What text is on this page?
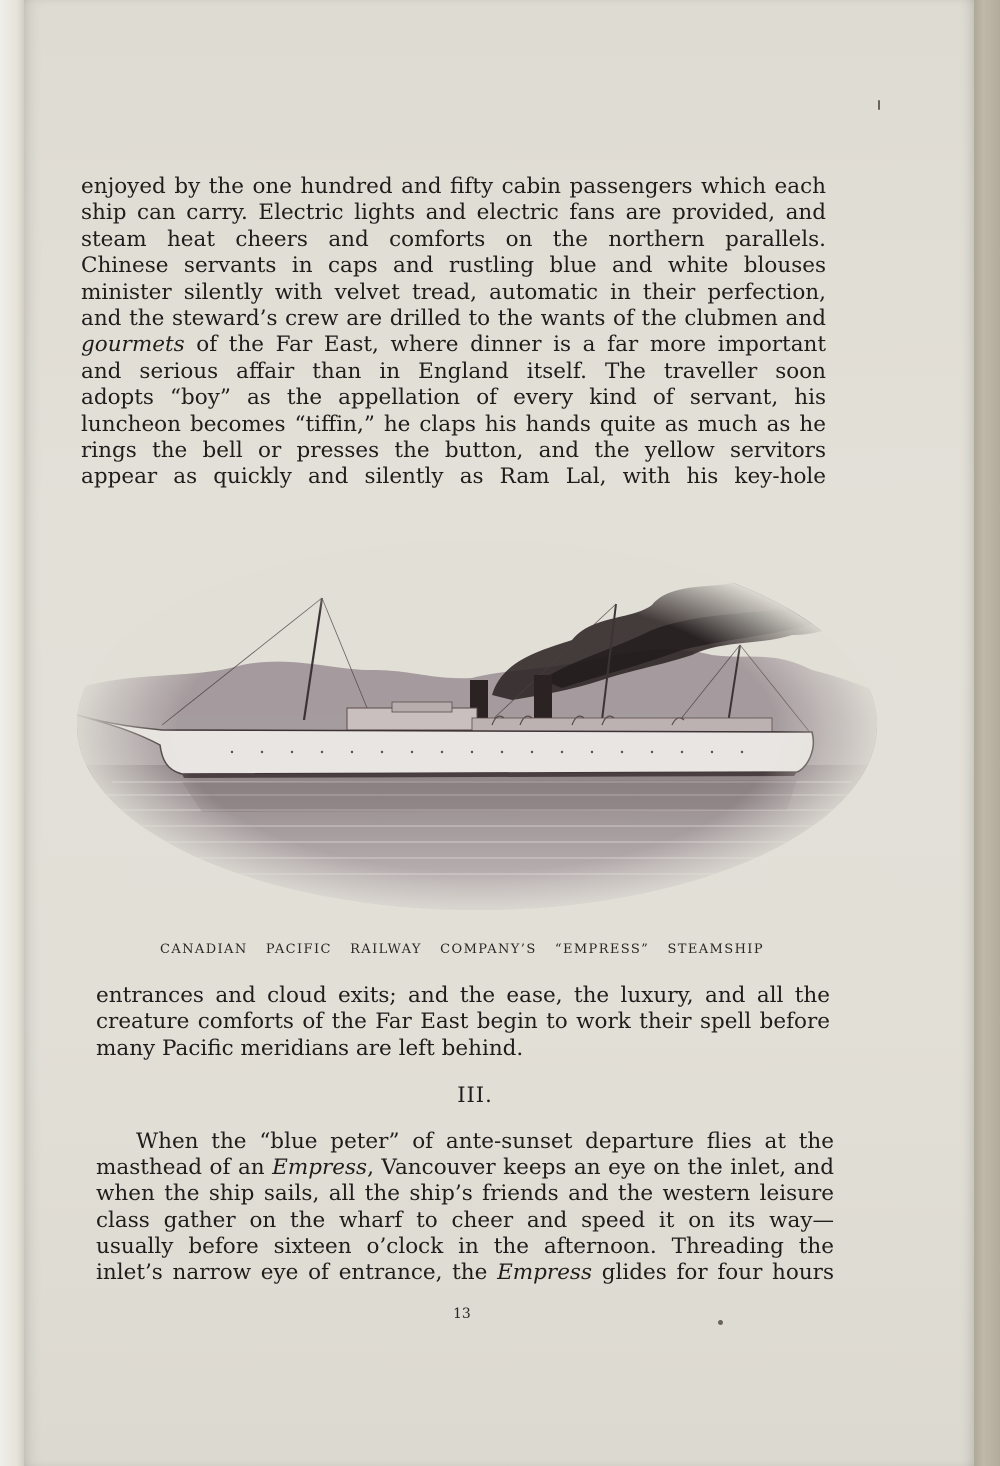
enjoyed by the one hundred and fifty cabin passengers which each
ship can carry. Electric lights and electric fans are provided, and
steam heat cheers and comforts on the northern parallels.
Chinese servants in caps and rustling blue and white blouses
minister silently with velvet tread, automatic in their perfection,
and the steward’s crew are drilled to the wants of the clubmen and
gourmets of the Far East, where dinner is a far more important
and serious affair than in England itself. The traveller soon
adopts “boy” as the appellation of every kind of servant, his
luncheon becomes “tiffin,” he claps his hands quite as much as he
rings the bell or presses the button, and the yellow servitors
appear as quickly and silently as Ram Lal, with his key-hole
CANADIAN PACIFIC RAILWAY COMPANY’S “EMPRESS” STEAMSHIP
entrances and cloud exits; and the ease, the luxury, and all the
creature comforts of the Far East begin to work their spell before
many Pacific meridians are left behind.
III.
When the “blue peter” of ante-sunset departure flies at the
masthead of an Empress, Vancouver keeps an eye on the inlet, and
when the ship sails, all the ship’s friends and the western leisure
class gather on the wharf to cheer and speed it on its way—
usually before sixteen o’clock in the afternoon. Threading the
inlet’s narrow eye of entrance, the Empress glides for four hours
13
